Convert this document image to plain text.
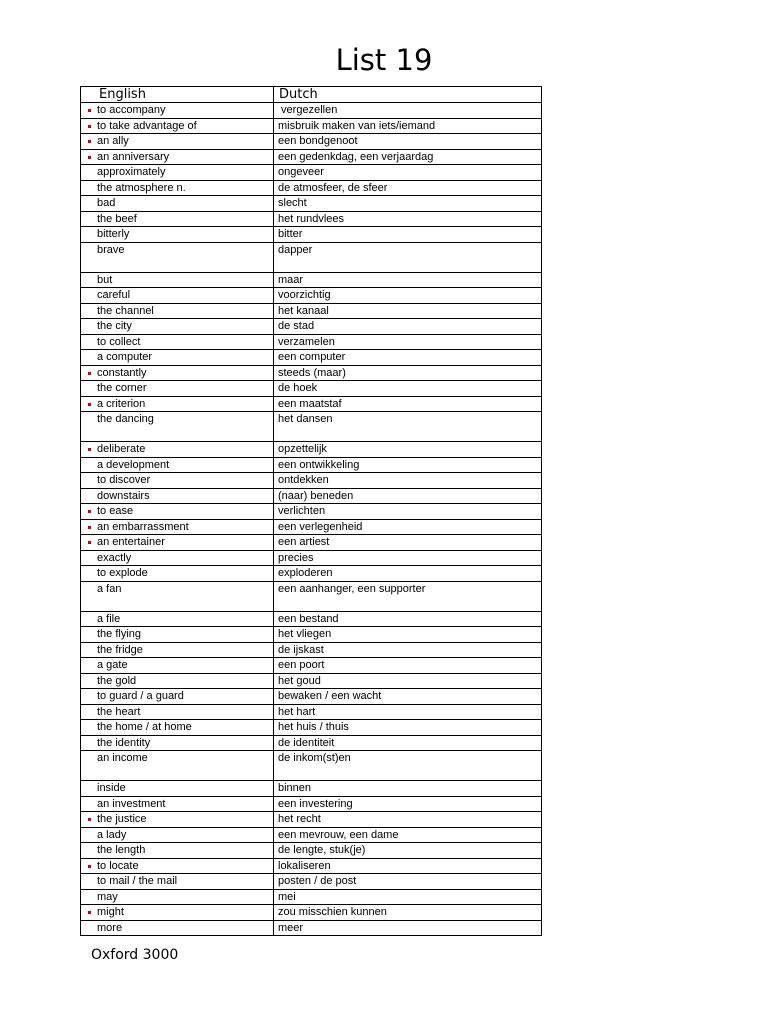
List 19
English	Dutch

to accompany	vergezellen

to take advantage of	misbruik maken van iets/iemand

an ally	een bondgenoot

an anniversary	een gedenkdag, een verjaardag
approximately	ongeveer
the atmosphere n.	de atmosfeer, de sfeer
bad	slecht
the beef	het rundvlees
bitterly	bitter
brave	dapper
but	maar
careful	voorzichtig
the channel	het kanaal
the city	de stad
to collect	verzamelen
a computer	een computer

constantly	steeds (maar)
the corner	de hoek

a criterion	een maatstaf
the dancing	het dansen

deliberate	opzettelijk
a development	een ontwikkeling
to discover	ontdekken
downstairs	(naar) beneden

to ease	verlichten

an embarrassment	een verlegenheid

an entertainer	een artiest
exactly	precies
to explode	exploderen
a fan	een aanhanger, een supporter
a file	een bestand
the flying	het vliegen
the fridge	de ijskast
a gate	een poort
the gold	het goud
to guard / a guard	bewaken / een wacht
the heart	het hart
the home / at home	het huis / thuis
the identity	de identiteit
an income	de inkom(st)en
inside	binnen
an investment	een investering

the justice	het recht
a lady	een mevrouw, een dame
the length	de lengte, stuk(je)

to locate	lokaliseren
to mail / the mail	posten / de post
may	mei

might	zou misschien kunnen
more	meer
Oxford 3000
